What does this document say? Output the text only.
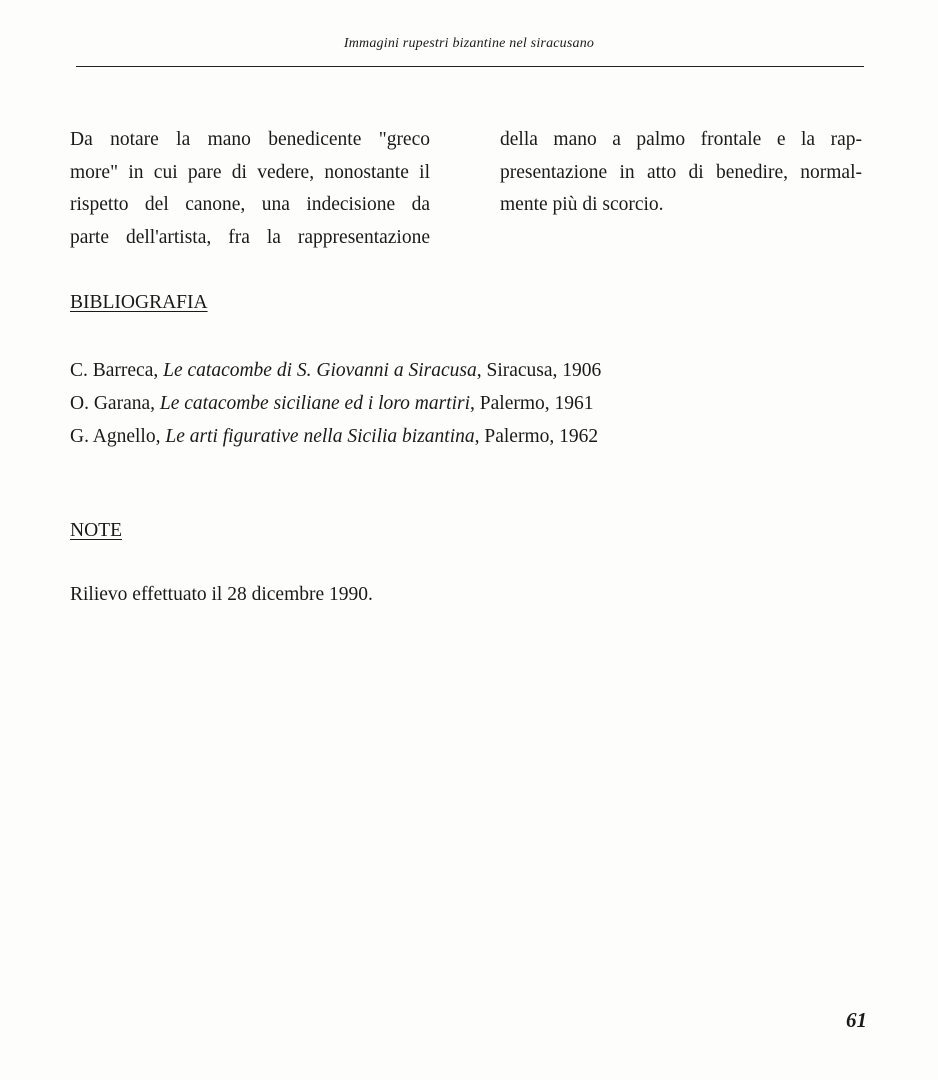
Immagini rupestri bizantine nel siracusano

Da notare la mano benedicente "greco

more" in cui pare di vedere, nonostante il

rispetto del canone, una indecisione da

parte dell'artista, fra la rappresentazione

della mano a palmo frontale e la rap-
presentazione in atto di benedire, normal-
mente più di scorcio.
BIBLIOGRAFIA
C. Barreca, Le catacombe di S. Giovanni a Siracusa, Siracusa, 1906
O. Garana, Le catacombe siciliane ed i loro martiri, Palermo, 1961
G. Agnello, Le arti figurative nella Sicilia bizantina, Palermo, 1962
NOTE
Rilievo effettuato il 28 dicembre 1990.
61
